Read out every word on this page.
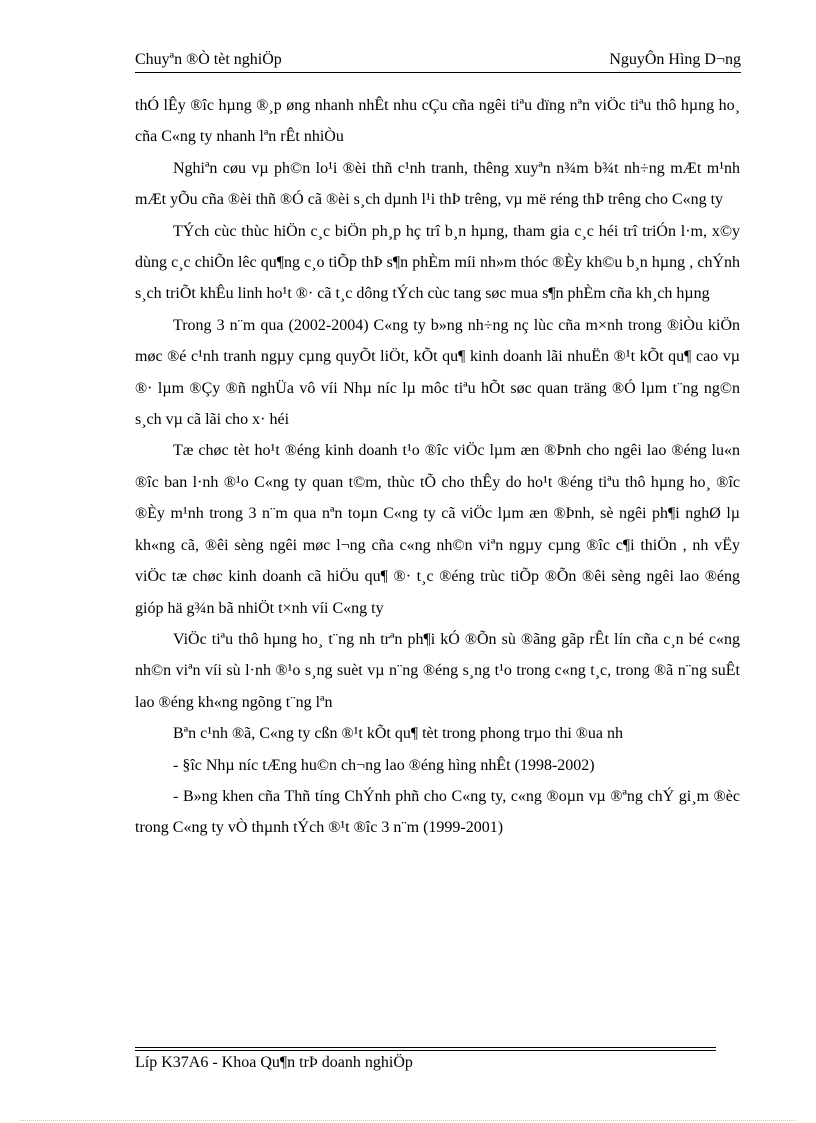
Chuyªn ®Ò tèt nghiÖp	NguyÔn Hìng D¬ng

thÓ lÊy ®îc hµng ®¸p øng nhanh nhÊt nhu cÇu cña ngêi tiªu dïng nªn viÖc tiªu thô hµng ho¸ cña C«ng ty nhanh lªn rÊt nhiÒu

Nghiªn cøu vµ ph©n lo¹i ®èi thñ c¹nh tranh, thêng xuyªn n¾m b¾t nh÷ng mÆt m¹nh mÆt yÕu cña ®èi thñ ®Ó cã ®èi s¸ch dµnh l¹i thÞ trêng, vµ më réng thÞ trêng cho C«ng ty

TÝch cùc thùc hiÖn c¸c biÖn ph¸p hç trî b¸n hµng, tham gia c¸c héi trî triÓn l·m, x©y dùng c¸c chiÕn lêc qu¶ng c¸o tiÕp thÞ s¶n phÈm míi nh»m thóc ®Èy kh©u b¸n hµng , chÝnh s¸ch triÕt khÊu linh ho¹t ®· cã t¸c dông tÝch cùc tang søc mua s¶n phÈm cña kh¸ch hµng

Trong 3 n¨m qua (2002-2004) C«ng ty b»ng nh÷ng nç lùc cña m×nh trong ®iÒu kiÖn møc ®é c¹nh tranh ngµy cµng quyÕt liÖt, kÕt qu¶ kinh doanh lãi nhuËn ®¹t kÕt qu¶ cao vµ ®· lµm ®Çy ®ñ nghÜa vô víi Nhµ níc lµ môc tiªu hÕt søc quan träng ®Ó lµm t¨ng ng©n s¸ch vµ cã lãi cho x· héi

Tæ chøc tèt ho¹t ®éng kinh doanh t¹o ®îc viÖc lµm æn ®Þnh cho ngêi lao ®éng lu«n ®îc ban l·nh ®¹o C«ng ty quan t©m, thùc tÕ cho thÊy do ho¹t ®éng tiªu thô hµng ho¸ ®îc ®Èy m¹nh trong 3 n¨m qua nªn toµn C«ng ty cã viÖc lµm æn ®Þnh, sè ngêi ph¶i nghØ lµ kh«ng cã, ®êi sèng ngêi møc l¬ng cña c«ng nh©n viªn ngµy cµng ®îc c¶i thiÖn , nh vËy viÖc tæ chøc kinh doanh cã hiÖu qu¶ ®· t¸c ®éng trùc tiÕp ®Õn ®êi sèng ngêi lao ®éng gióp hä g¾n bã nhiÖt t×nh víi C«ng ty

ViÖc tiªu thô hµng ho¸ t¨ng nh trªn ph¶i kÓ ®Õn sù ®ãng gãp rÊt lín cña c¸n bé c«ng nh©n viªn víi sù l·nh ®¹o s¸ng suèt vµ n¨ng ®éng s¸ng t¹o trong c«ng t¸c, trong ®ã n¨ng suÊt lao ®éng kh«ng ngõng t¨ng lªn

Bªn c¹nh ®ã, C«ng ty cßn ®¹t kÕt qu¶ tèt trong phong trµo thi ®ua nh

- §îc Nhµ níc tÆng hu©n ch¬ng lao ®éng hìng nhÊt (1998-2002)

- B»ng khen cña Thñ tíng ChÝnh phñ cho C«ng ty, c«ng ®oµn vµ ®ªng chÝ gi¸m ®èc trong C«ng ty vÒ thµnh tÝch ®¹t ®îc 3 n¨m (1999-2001)

Líp K37A6 - Khoa Qu¶n trÞ doanh nghiÖp
